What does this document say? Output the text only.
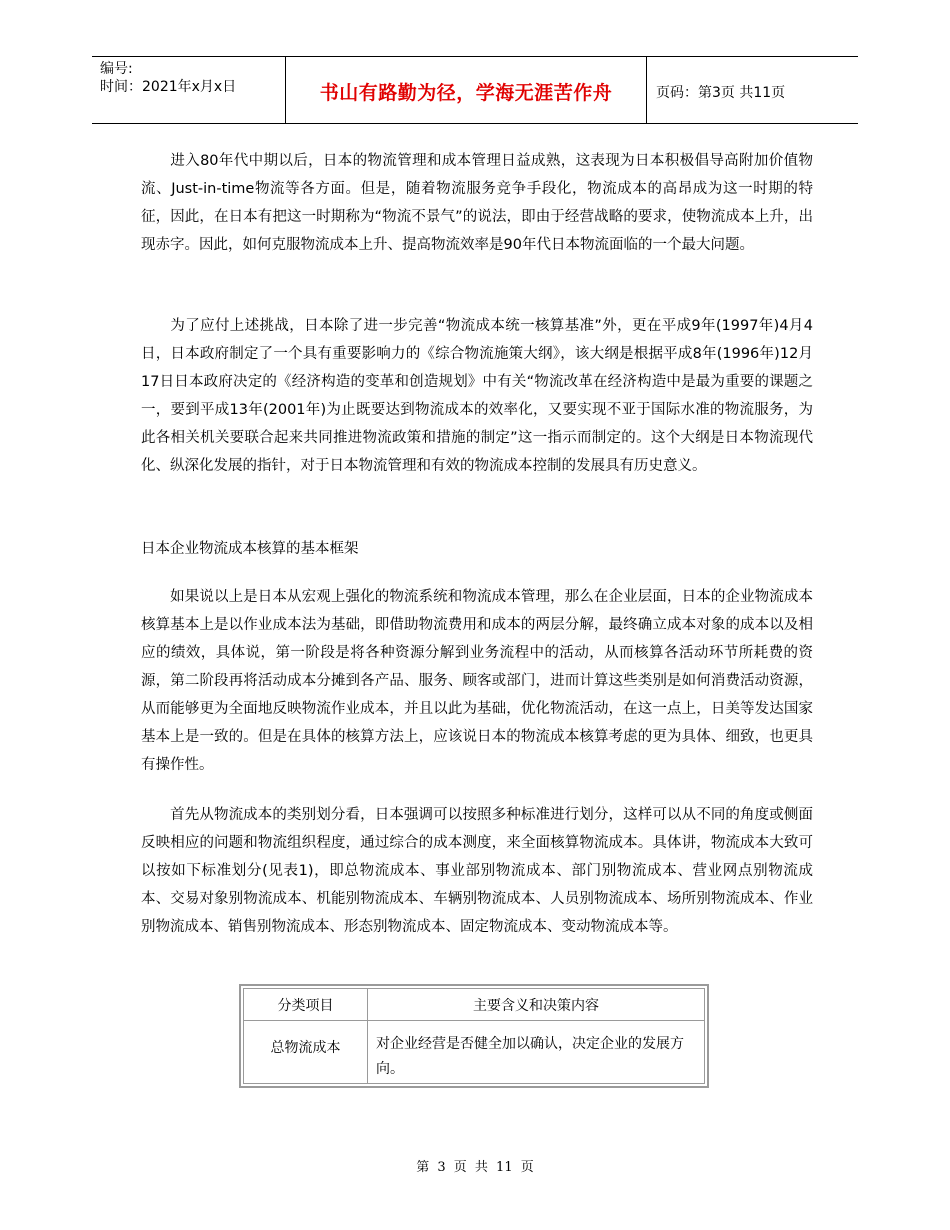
编号:
时间：2021年x月x日	书山有路勤为径，学海无涯苦作舟	页码：第3页 共11页

进入80年代中期以后，日本的物流管理和成本管理日益成熟，这表现为日本积极倡导高附加价值物流、Just-in-time物流等各方面。但是，随着物流服务竞争手段化，物流成本的高昂成为这一时期的特征，因此，在日本有把这一时期称为“物流不景气”的说法，即由于经营战略的要求，使物流成本上升，出现赤字。因此，如何克服物流成本上升、提高物流效率是90年代日本物流面临的一个最大问题。

为了应付上述挑战，日本除了进一步完善“物流成本统一核算基准”外，更在平成9年(1997年)4月4日，日本政府制定了一个具有重要影响力的《综合物流施策大纲》，该大纲是根据平成8年(1996年)12月17日日本政府决定的《经济构造的变革和创造规划》中有关“物流改革在经济构造中是最为重要的课题之一，要到平成13年(2001年)为止既要达到物流成本的效率化，又要实现不亚于国际水准的物流服务，为此各相关机关要联合起来共同推进物流政策和措施的制定”这一指示而制定的。这个大纲是日本物流现代化、纵深化发展的指针，对于日本物流管理和有效的物流成本控制的发展具有历史意义。

日本企业物流成本核算的基本框架

如果说以上是日本从宏观上强化的物流系统和物流成本管理，那么在企业层面，日本的企业物流成本核算基本上是以作业成本法为基础，即借助物流费用和成本的两层分解，最终确立成本对象的成本以及相应的绩效，具体说，第一阶段是将各种资源分解到业务流程中的活动，从而核算各活动环节所耗费的资源，第二阶段再将活动成本分摊到各产品、服务、顾客或部门，进而计算这些类别是如何消费活动资源，从而能够更为全面地反映物流作业成本，并且以此为基础，优化物流活动，在这一点上，日美等发达国家基本上是一致的。但是在具体的核算方法上，应该说日本的物流成本核算考虑的更为具体、细致，也更具有操作性。

首先从物流成本的类别划分看，日本强调可以按照多种标准进行划分，这样可以从不同的角度或侧面反映相应的问题和物流组织程度，通过综合的成本测度，来全面核算物流成本。具体讲，物流成本大致可以按如下标准划分(见表1)，即总物流成本、事业部别物流成本、部门别物流成本、营业网点别物流成本、交易对象别物流成本、机能别物流成本、车辆别物流成本、人员别物流成本、场所别物流成本、作业别物流成本、销售别物流成本、形态别物流成本、固定物流成本、变动物流成本等。

分类项目	主要含义和决策内容
总物流成本	对企业经营是否健全加以确认，决定企业的发展方向。
第 3 页 共 11 页
